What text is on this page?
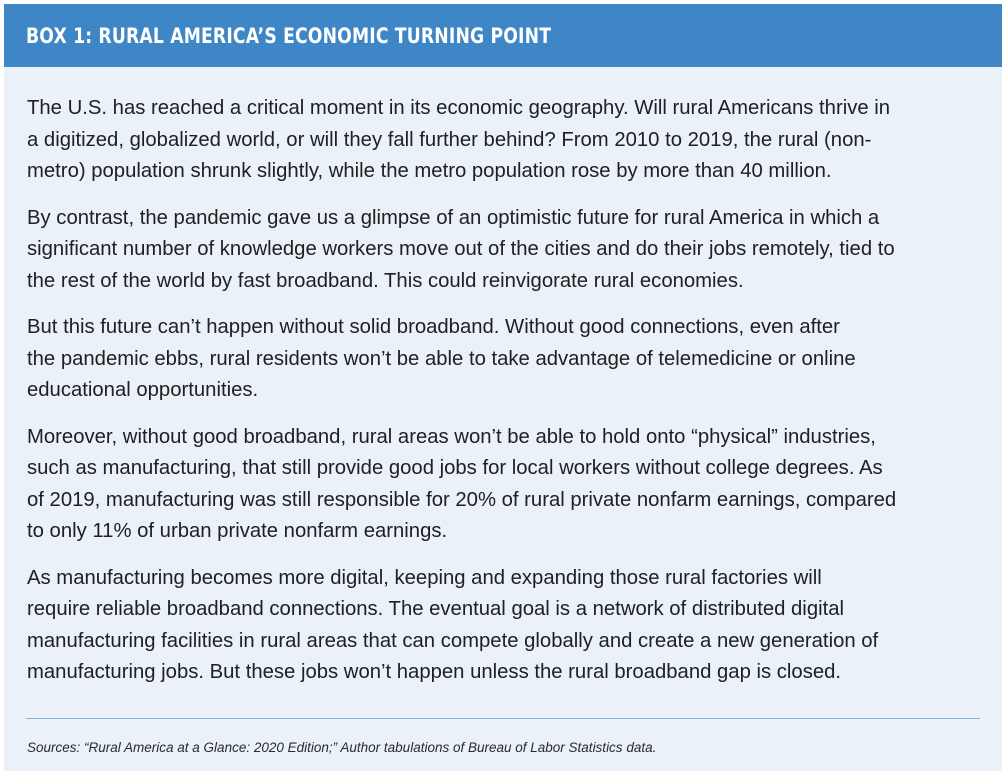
BOX 1: RURAL AMERICA’S ECONOMIC TURNING POINT

The U.S. has reached a critical moment in its economic geography. Will rural Americans thrive in
a digitized, globalized world, or will they fall further behind? From 2010 to 2019, the rural (non-
metro) population shrunk slightly, while the metro population rose by more than 40 million.

By contrast, the pandemic gave us a glimpse of an optimistic future for rural America in which a
significant number of knowledge workers move out of the cities and do their jobs remotely, tied to
the rest of the world by fast broadband. This could reinvigorate rural economies.

But this future can’t happen without solid broadband. Without good connections, even after
the pandemic ebbs, rural residents won’t be able to take advantage of telemedicine or online
educational opportunities.

Moreover, without good broadband, rural areas won’t be able to hold onto “physical” industries,
such as manufacturing, that still provide good jobs for local workers without college degrees. As
of 2019, manufacturing was still responsible for 20% of rural private nonfarm earnings, compared
to only 11% of urban private nonfarm earnings.

As manufacturing becomes more digital, keeping and expanding those rural factories will
require reliable broadband connections. The eventual goal is a network of distributed digital
manufacturing facilities in rural areas that can compete globally and create a new generation of
manufacturing jobs. But these jobs won’t happen unless the rural broadband gap is closed.

Sources: “Rural America at a Glance: 2020 Edition;” Author tabulations of Bureau of Labor Statistics data.
